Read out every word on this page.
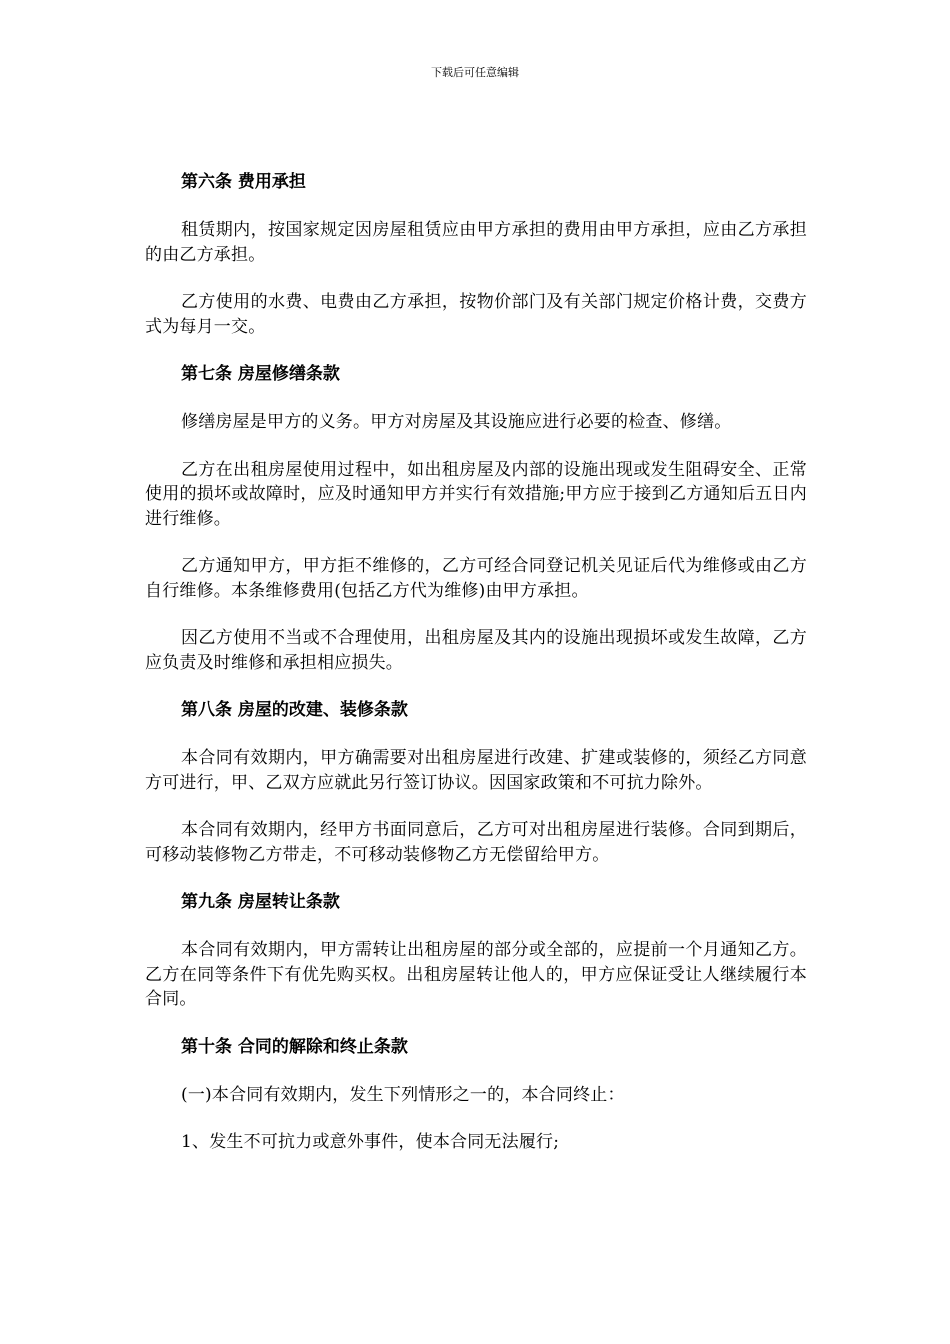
下载后可任意编辑

第六条 费用承担

租赁期内，按国家规定因房屋租赁应由甲方承担的费用由甲方承担，应由乙方承担的由乙方承担。

乙方使用的水费、电费由乙方承担，按物价部门及有关部门规定价格计费，交费方式为每月一交。

第七条 房屋修缮条款

修缮房屋是甲方的义务。甲方对房屋及其设施应进行必要的检查、修缮。

乙方在出租房屋使用过程中，如出租房屋及内部的设施出现或发生阻碍安全、正常使用的损坏或故障时，应及时通知甲方并实行有效措施;甲方应于接到乙方通知后五日内进行维修。

乙方通知甲方，甲方拒不维修的，乙方可经合同登记机关见证后代为维修或由乙方自行维修。本条维修费用(包括乙方代为维修)由甲方承担。

因乙方使用不当或不合理使用，出租房屋及其内的设施出现损坏或发生故障，乙方应负责及时维修和承担相应损失。

第八条 房屋的改建、装修条款

本合同有效期内，甲方确需要对出租房屋进行改建、扩建或装修的，须经乙方同意方可进行，甲、乙双方应就此另行签订协议。因国家政策和不可抗力除外。

本合同有效期内，经甲方书面同意后，乙方可对出租房屋进行装修。合同到期后，可移动装修物乙方带走，不可移动装修物乙方无偿留给甲方。

第九条 房屋转让条款

本合同有效期内，甲方需转让出租房屋的部分或全部的，应提前一个月通知乙方。乙方在同等条件下有优先购买权。出租房屋转让他人的，甲方应保证受让人继续履行本合同。

第十条 合同的解除和终止条款

(一)本合同有效期内，发生下列情形之一的，本合同终止：

1、发生不可抗力或意外事件，使本合同无法履行;
